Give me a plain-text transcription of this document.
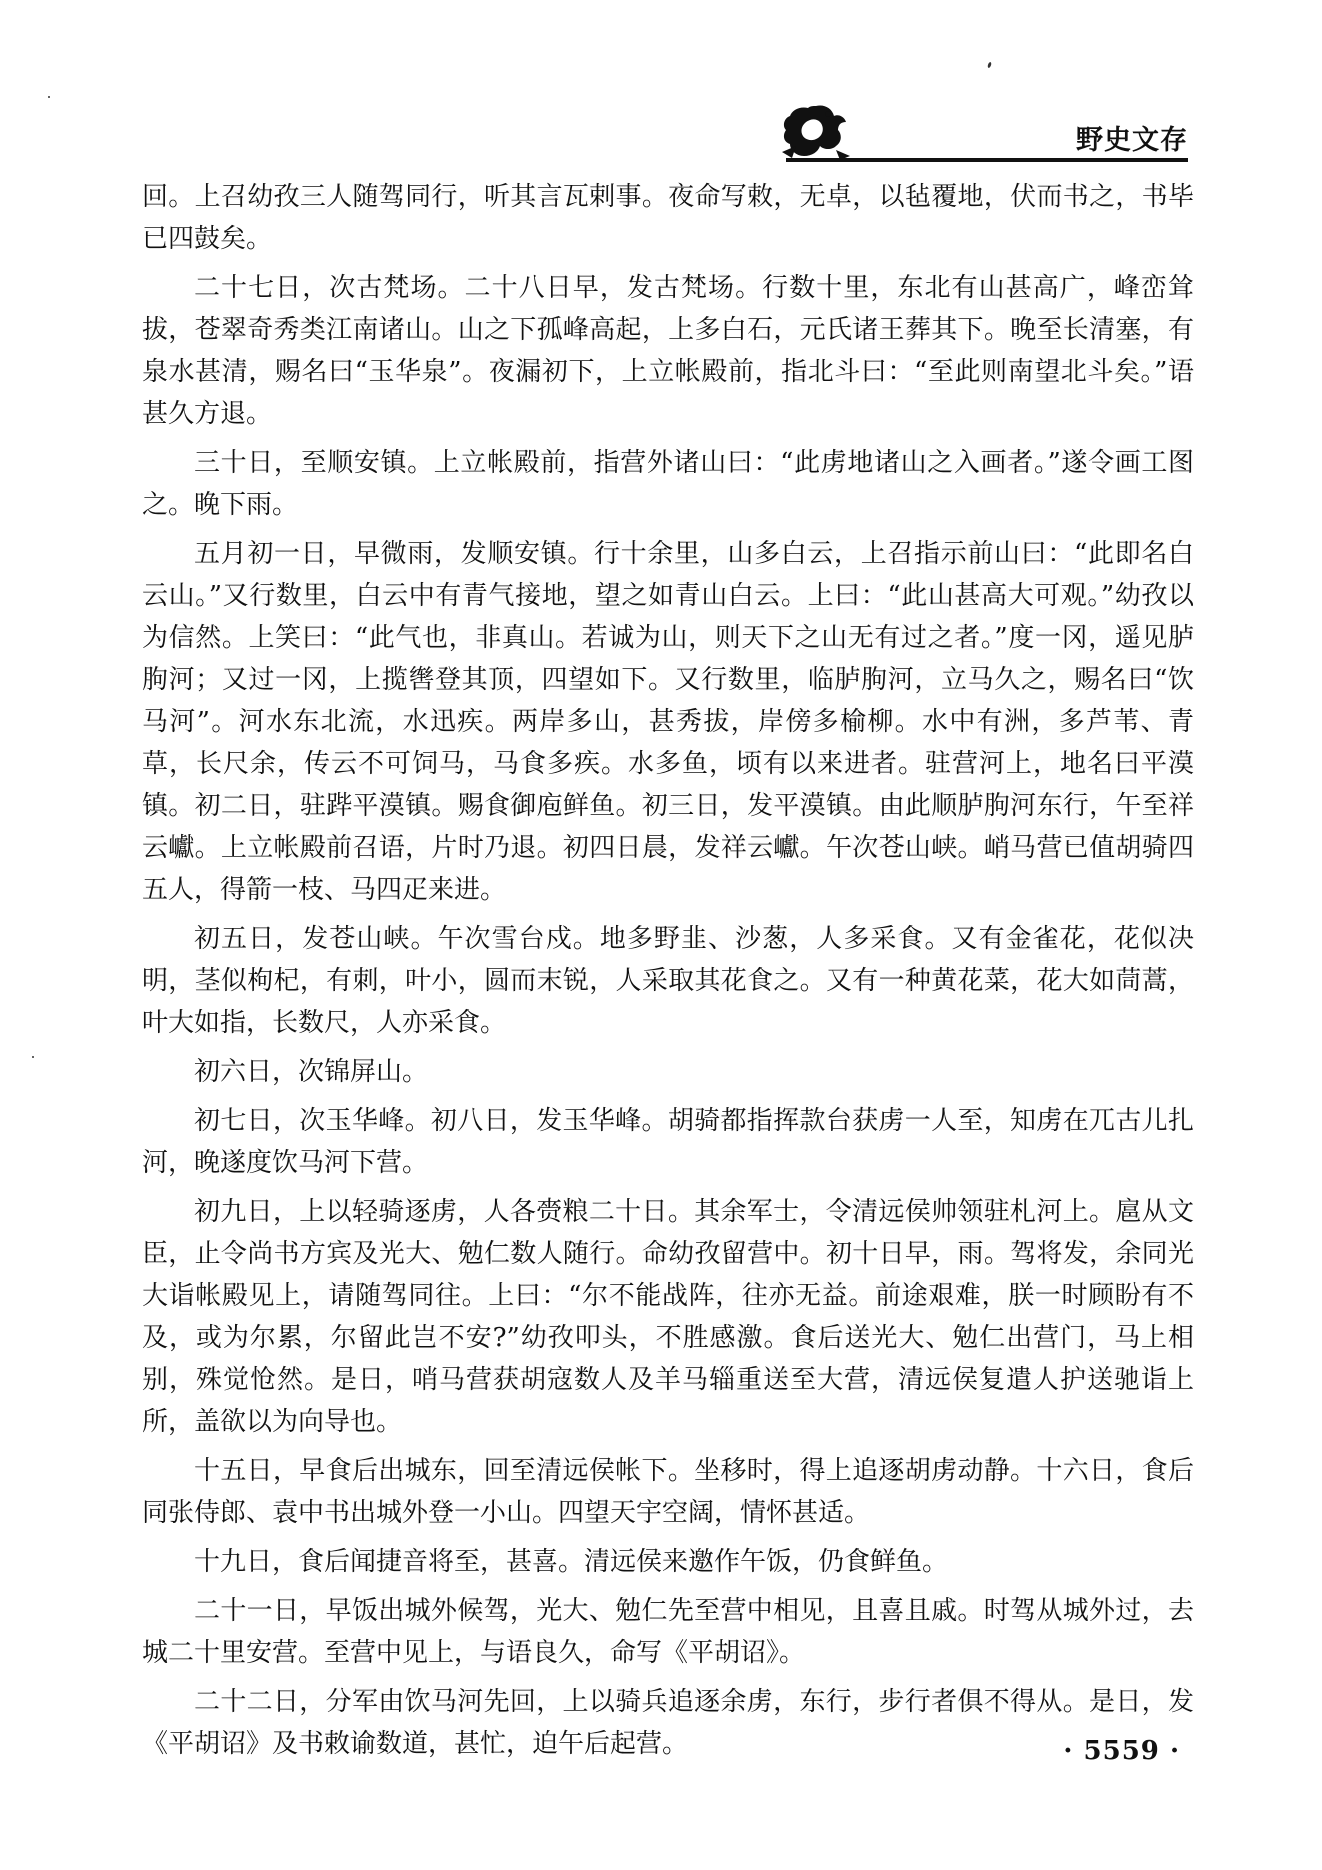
野史文存

回。上召幼孜三人随驾同行，听其言瓦剌事。夜命写敕，无卓，以毡覆地，伏而书之，书毕已四鼓矣。

二十七日，次古梵场。二十八日早，发古梵场。行数十里，东北有山甚高广，峰峦耸拔，苍翠奇秀类江南诸山。山之下孤峰高起，上多白石，元氏诸王葬其下。晚至长清塞，有泉水甚清，赐名曰“玉华泉”。夜漏初下，上立帐殿前，指北斗曰：“至此则南望北斗矣。”语甚久方退。

三十日，至顺安镇。上立帐殿前，指营外诸山曰：“此虏地诸山之入画者。”遂令画工图之。晚下雨。

五月初一日，早微雨，发顺安镇。行十余里，山多白云，上召指示前山曰：“此即名白云山。”又行数里，白云中有青气接地，望之如青山白云。上曰：“此山甚高大可观。”幼孜以为信然。上笑曰：“此气也，非真山。若诚为山，则天下之山无有过之者。”度一冈，遥见胪朐河；又过一冈，上揽辔登其顶，四望如下。又行数里，临胪朐河，立马久之，赐名曰“饮马河”。河水东北流，水迅疾。两岸多山，甚秀拔，岸傍多榆柳。水中有洲，多芦苇、青草，长尺余，传云不可饲马，马食多疾。水多鱼，顷有以来进者。驻营河上，地名曰平漠镇。初二日，驻跸平漠镇。赐食御庖鲜鱼。初三日，发平漠镇。由此顺胪朐河东行，午至祥云巘。上立帐殿前召语，片时乃退。初四日晨，发祥云巘。午次苍山峡。峭马营已值胡骑四五人，得箭一枝、马四疋来进。

初五日，发苍山峡。午次雪台戍。地多野韭、沙葱，人多采食。又有金雀花，花似决明，茎似枸杞，有刺，叶小，圆而末锐，人采取其花食之。又有一种黄花菜，花大如茼蒿，叶大如指，长数尺，人亦采食。

初六日，次锦屏山。

初七日，次玉华峰。初八日，发玉华峰。胡骑都指挥款台获虏一人至，知虏在兀古儿扎河，晚遂度饮马河下营。

初九日，上以轻骑逐虏，人各赍粮二十日。其余军士，令清远侯帅领驻札河上。扈从文臣，止令尚书方宾及光大、勉仁数人随行。命幼孜留营中。初十日早，雨。驾将发，余同光大诣帐殿见上，请随驾同往。上曰：“尔不能战阵，往亦无益。前途艰难，朕一时顾盼有不及，或为尔累，尔留此岂不安?”幼孜叩头，不胜感激。食后送光大、勉仁出营门，马上相别，殊觉怆然。是日，哨马营获胡寇数人及羊马辎重送至大营，清远侯复遣人护送驰诣上所，盖欲以为向导也。

十五日，早食后出城东，回至清远侯帐下。坐移时，得上追逐胡虏动静。十六日，食后同张侍郎、袁中书出城外登一小山。四望天宇空阔，情怀甚适。

十九日，食后闻捷音将至，甚喜。清远侯来邀作午饭，仍食鲜鱼。

二十一日，早饭出城外候驾，光大、勉仁先至营中相见，且喜且戚。时驾从城外过，去城二十里安营。至营中见上，与语良久，命写《平胡诏》。

二十二日，分军由饮马河先回，上以骑兵追逐余虏，东行，步行者俱不得从。是日，发《平胡诏》及书敕谕数道，甚忙，迫午后起营。	· 5559 ·
